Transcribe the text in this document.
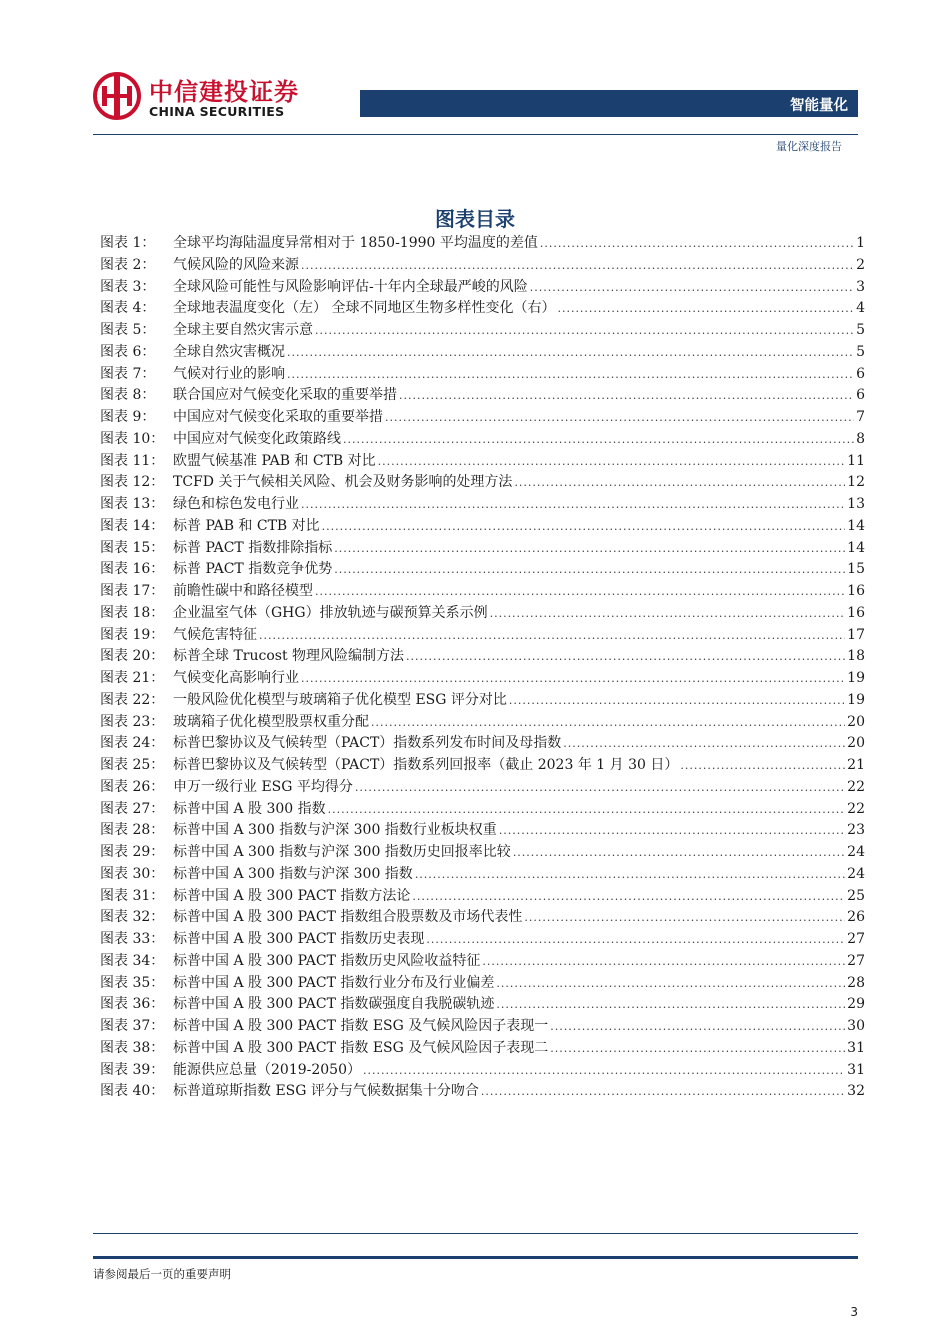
中信建投证券
CHINA SECURITIES	智能量化
量化深度报告
图表目录
图表 1：	全球平均海陆温度异常相对于 1850-1990 平均温度的差值 .....	1
图表 2：	气候风险的风险来源 .....	2
图表 3：	全球风险可能性与风险影响评估-十年内全球最严峻的风险 .....	3
图表 4：	全球地表温度变化（左） 全球不同地区生物多样性变化（右） .....	4
图表 5：	全球主要自然灾害示意 .....	5
图表 6：	全球自然灾害概况 .....	5
图表 7：	气候对行业的影响 .....	6
图表 8：	联合国应对气候变化采取的重要举措 .....	6
图表 9：	中国应对气候变化采取的重要举措 .....	7
图表 10： 中国应对气候变化政策路线 .....	8
图表 11： 欧盟气候基准 PAB 和 CTB 对比 .....	11
图表 12： TCFD 关于气候相关风险、机会及财务影响的处理方法 .....	12
图表 13： 绿色和棕色发电行业 .....	13
图表 14： 标普 PAB 和 CTB 对比 .....	14
图表 15： 标普 PACT 指数排除指标 .....	14
图表 16： 标普 PACT 指数竞争优势 .....	15
图表 17： 前瞻性碳中和路径模型 .....	16
图表 18： 企业温室气体（GHG）排放轨迹与碳预算关系示例 .....	16
图表 19： 气候危害特征 .....	17
图表 20： 标普全球 Trucost 物理风险编制方法 .....	18
图表 21： 气候变化高影响行业 .....	19
图表 22： 一般风险优化模型与玻璃箱子优化模型 ESG 评分对比 .....	19
图表 23： 玻璃箱子优化模型股票权重分配 .....	20
图表 24： 标普巴黎协议及气候转型（PACT）指数系列发布时间及母指数 .....	20
图表 25： 标普巴黎协议及气候转型（PACT）指数系列回报率（截止 2023 年 1 月 30 日） .....	21
图表 26： 申万一级行业 ESG 平均得分 .....	22
图表 27： 标普中国 A 股 300 指数 .....	22
图表 28： 标普中国 A 300 指数与沪深 300 指数行业板块权重 .....	23
图表 29： 标普中国 A 300 指数与沪深 300 指数历史回报率比较 .....	24
图表 30： 标普中国 A 300 指数与沪深 300 指数 .....	24
图表 31： 标普中国 A 股 300 PACT 指数方法论 .....	25
图表 32： 标普中国 A 股 300 PACT 指数组合股票数及市场代表性 .....	26
图表 33： 标普中国 A 股 300 PACT 指数历史表现 .....	27
图表 34： 标普中国 A 股 300 PACT 指数历史风险收益特征 .....	27
图表 35： 标普中国 A 股 300 PACT 指数行业分布及行业偏差 .....	28
图表 36： 标普中国 A 股 300 PACT 指数碳强度自我脱碳轨迹 .....	29
图表 37： 标普中国 A 股 300 PACT 指数 ESG 及气候风险因子表现一 .....	30
图表 38： 标普中国 A 股 300 PACT 指数 ESG 及气候风险因子表现二 .....	31
图表 39： 能源供应总量（2019-2050） .....	31
图表 40： 标普道琼斯指数 ESG 评分与气候数据集十分吻合 .....	32
请参阅最后一页的重要声明
3
